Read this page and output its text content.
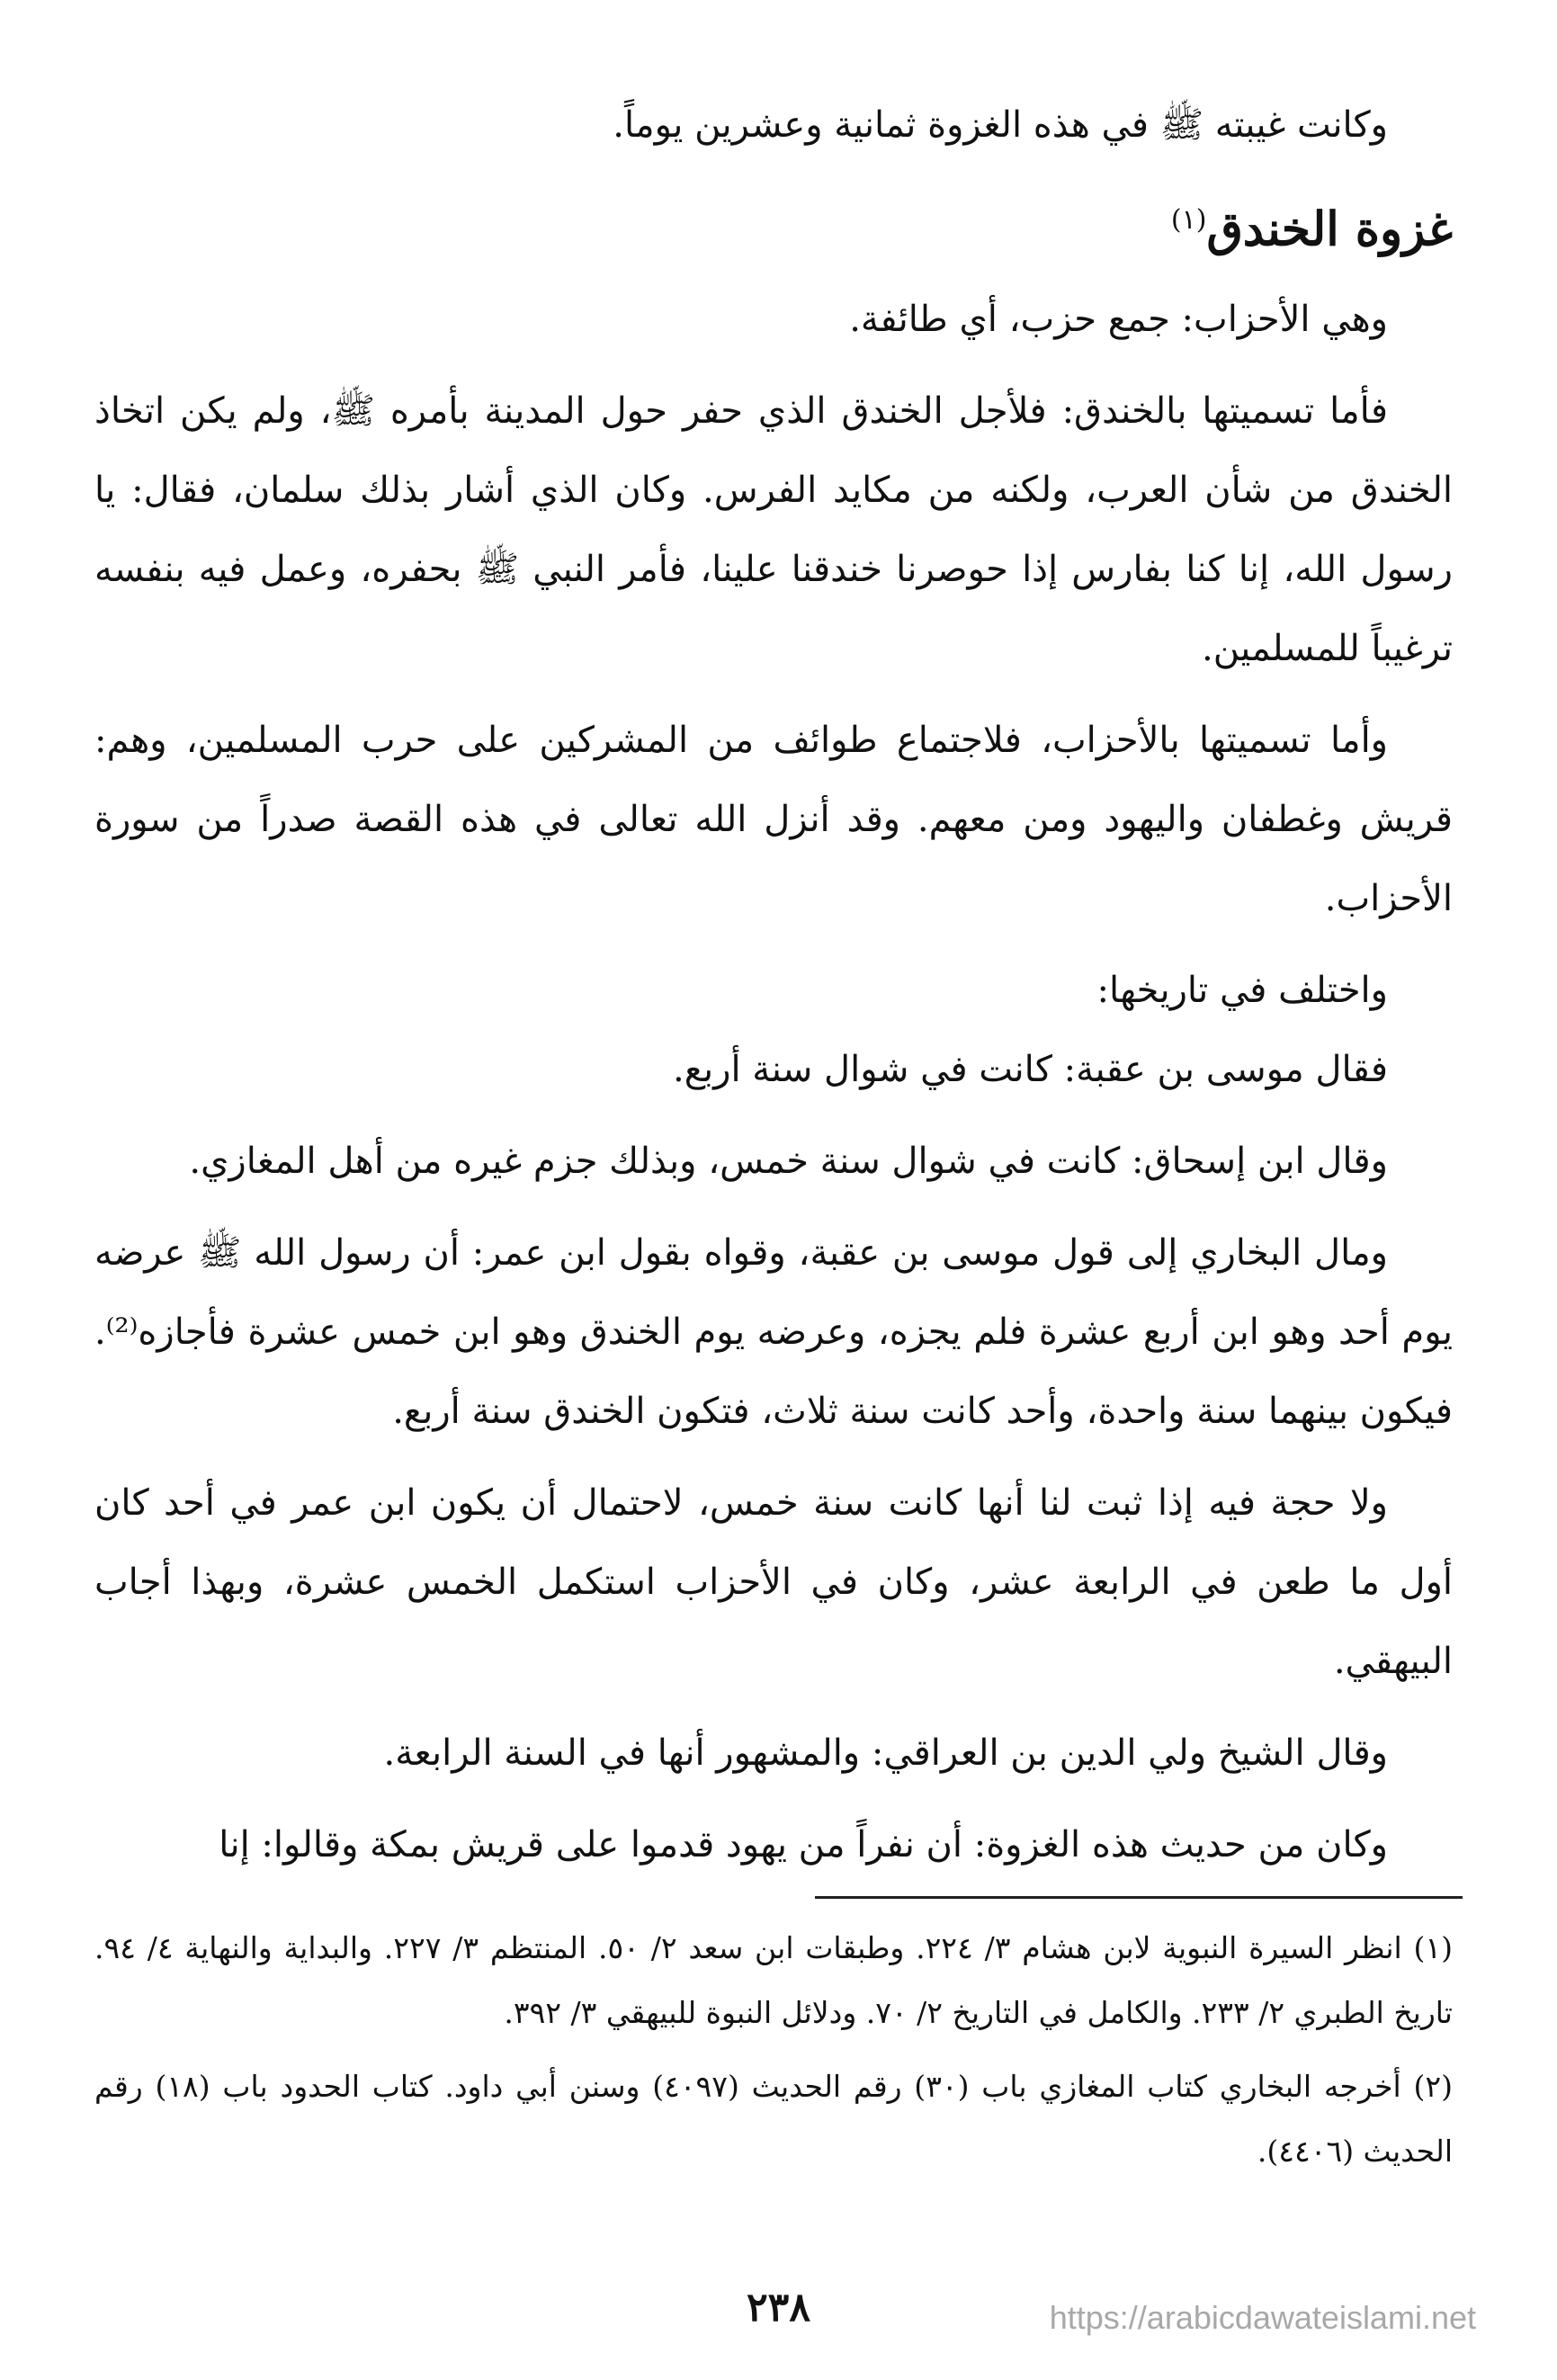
وكانت غيبته ﷺ في هذه الغزوة ثمانية وعشرين يوماً.

غزوة الخندق$^{(١)}$

وهي الأحزاب: جمع حزب، أي طائفة.

فأما تسميتها بالخندق: فلأجل الخندق الذي حفر حول المدينة بأمره ﷺ، ولم يكن اتخاذ الخندق من شأن العرب، ولكنه من مكايد الفرس. وكان الذي أشار بذلك سلمان، فقال: يا رسول الله، إنا كنا بفارس إذا حوصرنا خندقنا علينا، فأمر النبي ﷺ بحفره، وعمل فيه بنفسه ترغيباً للمسلمين.

وأما تسميتها بالأحزاب، فلاجتماع طوائف من المشركين على حرب المسلمين، وهم: قريش وغطفان واليهود ومن معهم. وقد أنزل الله تعالى في هذه القصة صدراً من سورة الأحزاب.

واختلف في تاريخها:

فقال موسى بن عقبة: كانت في شوال سنة أربع.

وقال ابن إسحاق: كانت في شوال سنة خمس، وبذلك جزم غيره من أهل المغازي.

ومال البخاري إلى قول موسى بن عقبة، وقواه بقول ابن عمر: أن رسول الله ﷺ عرضه يوم أحد وهو ابن أربع عشرة فلم يجزه، وعرضه يوم الخندق وهو ابن خمس عشرة فأجازه⁽²⁾. فيكون بينهما سنة واحدة، وأحد كانت سنة ثلاث، فتكون الخندق سنة أربع.

ولا حجة فيه إذا ثبت لنا أنها كانت سنة خمس، لاحتمال أن يكون ابن عمر في أحد كان أول ما طعن في الرابعة عشر، وكان في الأحزاب استكمل الخمس عشرة، وبهذا أجاب البيهقي.

وقال الشيخ ولي الدين بن العراقي: والمشهور أنها في السنة الرابعة.

وكان من حديث هذه الغزوة: أن نفراً من يهود قدموا على قريش بمكة وقالوا: إنا

(١) انظر السيرة النبوية لابن هشام ٣/ ٢٢٤. وطبقات ابن سعد ٢/ ٥٠. المنتظم ٣/ ٢٢٧. والبداية والنهاية ٤/ ٩٤. تاريخ الطبري ٢/ ٢٣٣. والكامل في التاريخ ٢/ ٧٠. ودلائل النبوة للبيهقي ٣/ ٣٩٢.

(٢) أخرجه البخاري كتاب المغازي باب (٣٠) رقم الحديث (٤٠٩٧) وسنن أبي داود. كتاب الحدود باب (١٨) رقم الحديث (٤٤٠٦).

٢٣٨	https://arabicdawateislami.net
